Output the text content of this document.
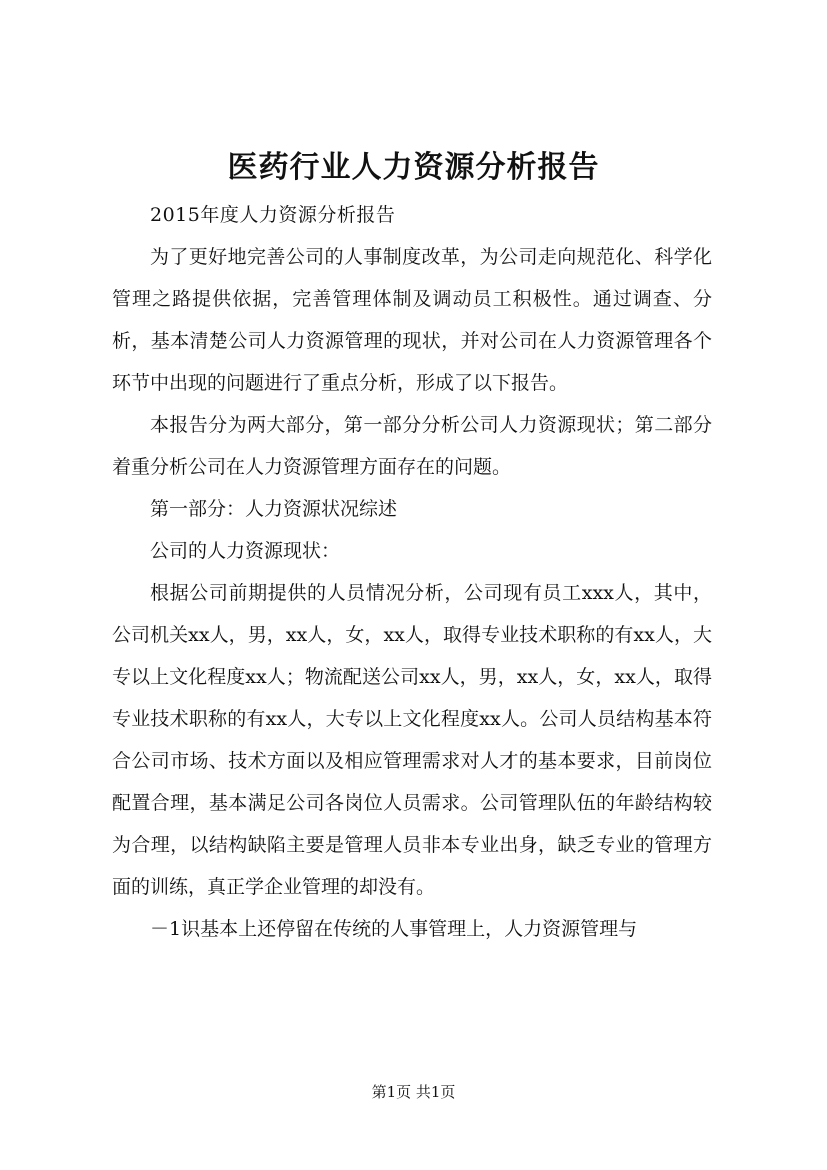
医药行业人力资源分析报告

2015年度人力资源分析报告

为了更好地完善公司的人事制度改革，为公司走向规范化、科学化管理之路提供依据，完善管理体制及调动员工积极性。通过调查、分析，基本清楚公司人力资源管理的现状，并对公司在人力资源管理各个环节中出现的问题进行了重点分析，形成了以下报告。

本报告分为两大部分，第一部分分析公司人力资源现状；第二部分着重分析公司在人力资源管理方面存在的问题。

第一部分：人力资源状况综述

公司的人力资源现状：

根据公司前期提供的人员情况分析，公司现有员工xxx人，其中，公司机关xx人，男，xx人，女，xx人，取得专业技术职称的有xx人，大专以上文化程度xx人；物流配送公司xx人，男，xx人，女，xx人，取得专业技术职称的有xx人，大专以上文化程度xx人。公司人员结构基本符合公司市场、技术方面以及相应管理需求对人才的基本要求，目前岗位配置合理，基本满足公司各岗位人员需求。公司管理队伍的年龄结构较为合理，以结构缺陷主要是管理人员非本专业出身，缺乏专业的管理方面的训练，真正学企业管理的却没有。

－1识基本上还停留在传统的人事管理上，人力资源管理与

第1页 共1页
